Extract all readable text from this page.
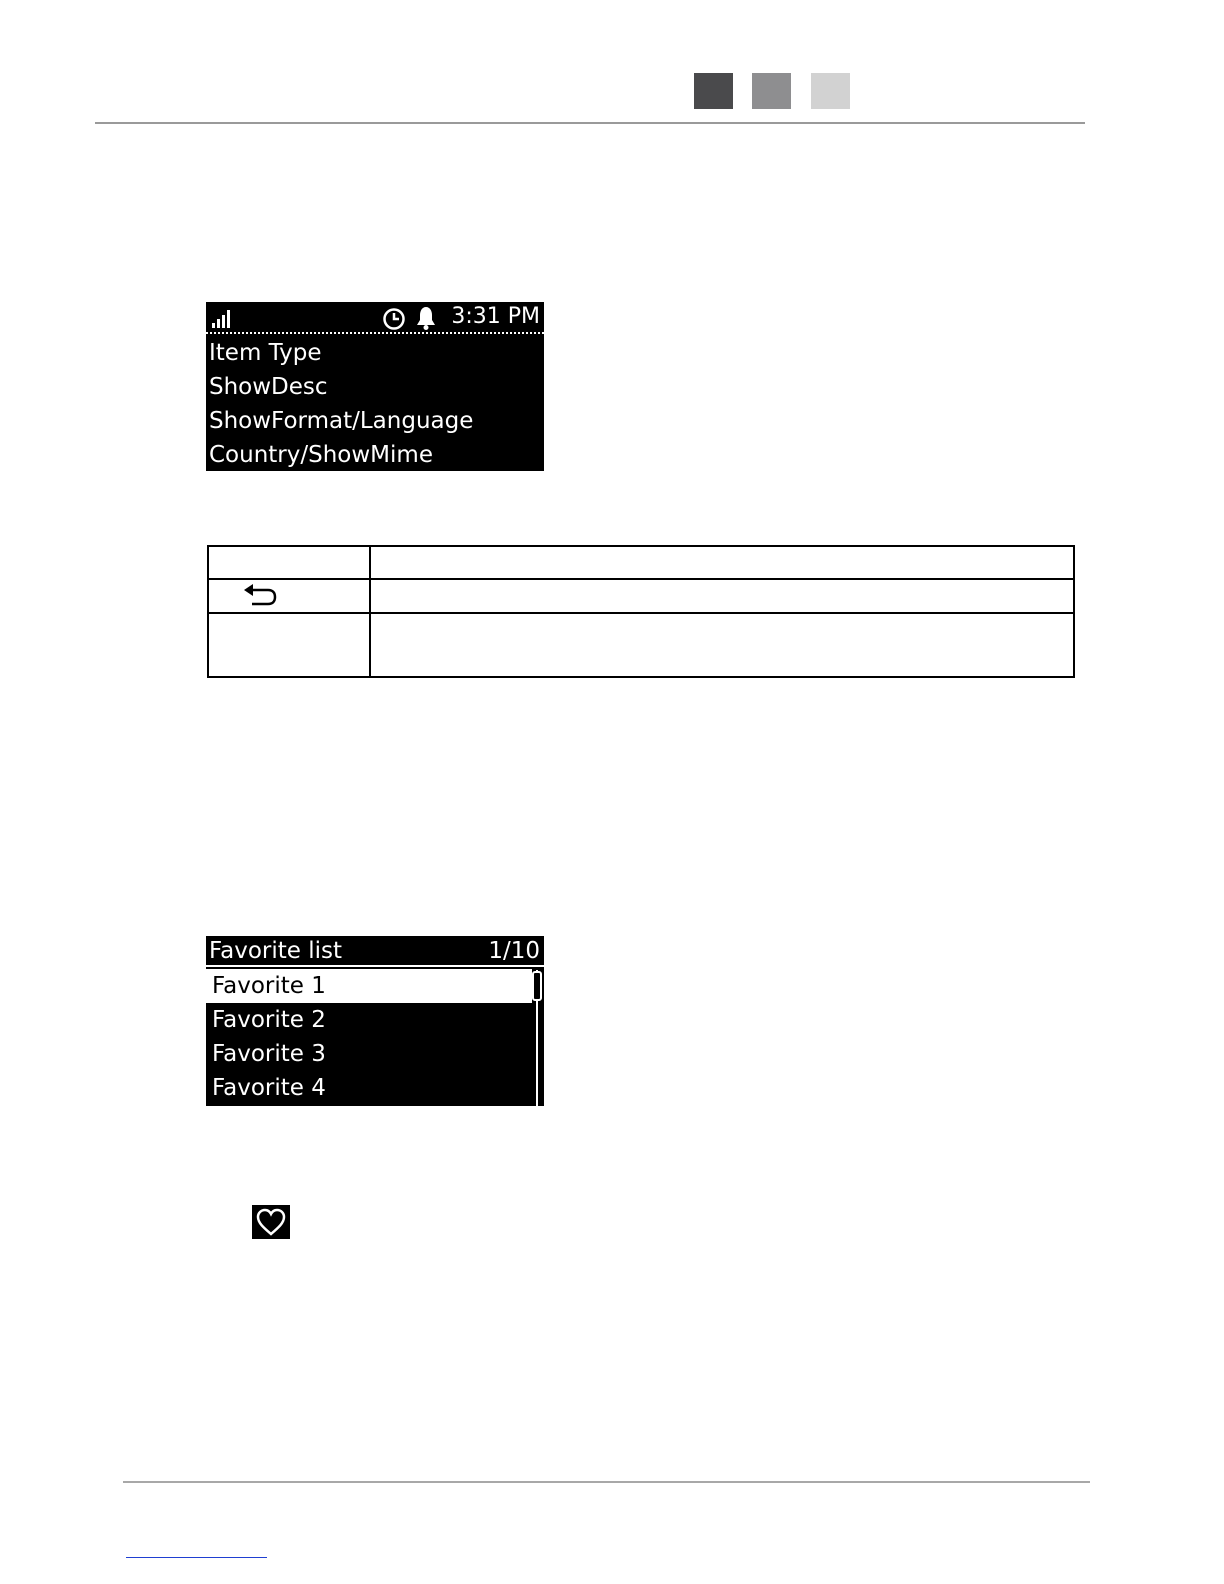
3:31 PM
Item Type
ShowDesc
ShowFormat/Language
Country/ShowMime

Favorite list	1/10
Favorite 1
Favorite 2
Favorite 3
Favorite 4
